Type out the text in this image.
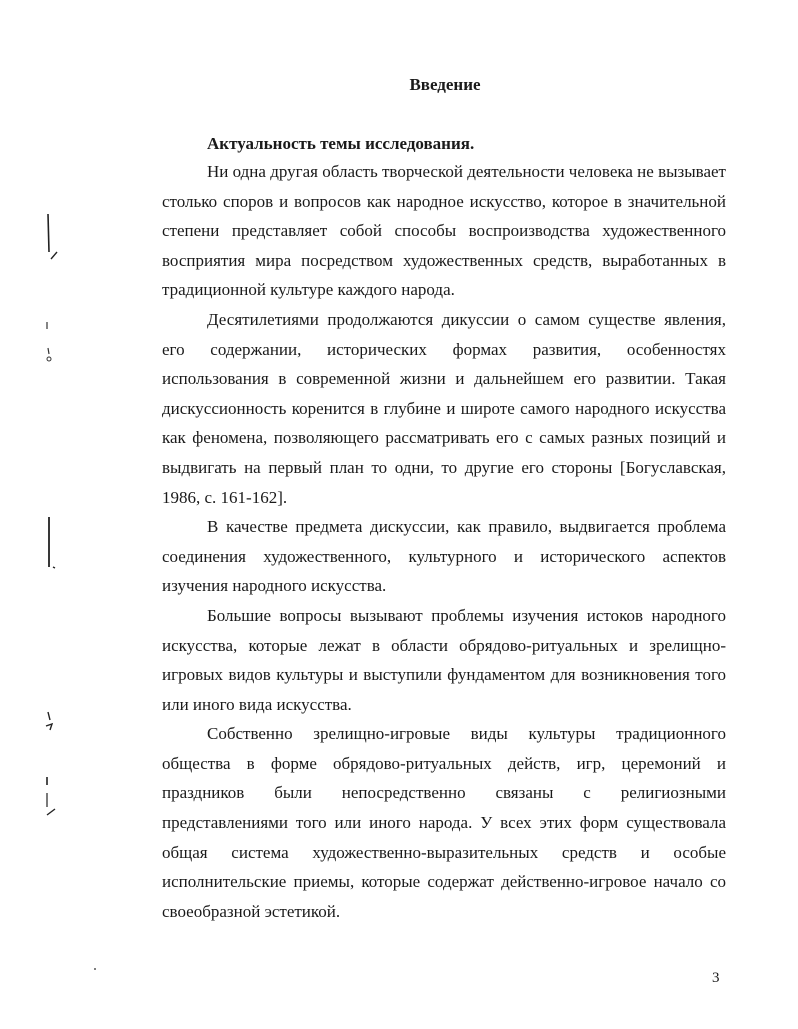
Введение
Актуальность темы исследования.

Ни одна другая область творческой деятельности человека не вызывает столько споров и вопросов как народное искусство, которое в значительной степени представляет собой способы воспроизводства художественного восприятия мира посредством художественных средств, выработанных в традиционной культуре каждого народа.

Десятилетиями продолжаются дикуссии о самом существе явления, его содержании, исторических формах развития, особенностях использования в современной жизни и дальнейшем его развитии. Такая дискуссионность коренится в глубине и широте самого народного искусства как феномена, позволяющего рассматривать его с самых разных позиций и выдвигать на первый план то одни, то другие его стороны [Богуславская, 1986, с. 161-162].

В качестве предмета дискуссии, как правило, выдвигается проблема соединения художественного, культурного и исторического аспектов изучения народного искусства.

Большие вопросы вызывают проблемы изучения истоков народного искусства, которые лежат в области обрядово-ритуальных и зрелищно-игровых видов культуры и выступили фундаментом для возникновения того или иного вида искусства.

Собственно зрелищно-игровые виды культуры традиционного общества в форме обрядово-ритуальных действ, игр, церемоний и праздников были непосредственно связаны с религиозными представлениями того или иного народа. У всех этих форм существовала общая система художественно-выразительных средств и особые исполнительские приемы, которые содержат действенно-игровое начало со своеобразной эстетикой.

3
